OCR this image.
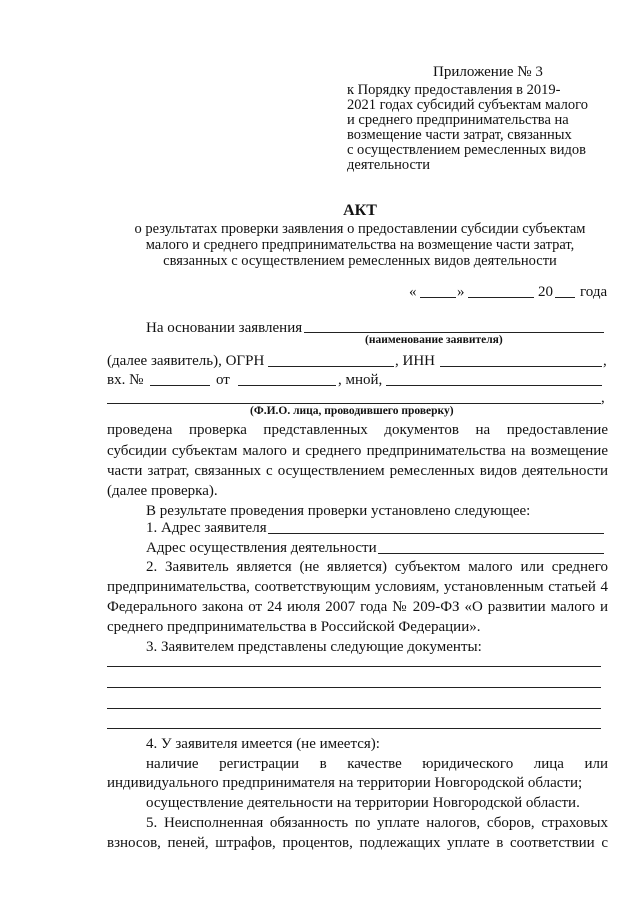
Приложение № 3
к Порядку предоставления в 2019-
2021 годах субсидий субъектам малого
и среднего предпринимательства на
возмещение части затрат, связанных
с осуществлением ремесленных видов
деятельности
АКТ
о результатах проверки заявления о предоставлении субсидии субъектам
малого и среднего предпринимательства на возмещение части затрат,
связанных с осуществлением ремесленных видов деятельности
«	»	20 года
На основании заявления
(наименование заявителя)
(далее заявитель), ОГРН	, ИНН	,
вх. №	от	, мной,
,
(Ф.И.О. лица, проводившего проверку)
проведена проверка представленных документов на предоставление
субсидии субъектам малого и среднего предпринимательства на возмещение
части затрат, связанных с осуществлением ремесленных видов деятельности
(далее проверка).
В результате проведения проверки установлено следующее:
1. Адрес заявителя
Адрес осуществления деятельности
2. Заявитель является (не является) субъектом малого или среднего
предпринимательства, соответствующим условиям, установленным статьей 4
Федерального закона от 24 июля 2007 года № 209-ФЗ «О развитии малого и
среднего предпринимательства в Российской Федерации».
3. Заявителем представлены следующие документы:
4. У заявителя имеется (не имеется):
наличие регистрации в качестве юридического лица или
индивидуального предпринимателя на территории Новгородской области;
осуществление деятельности на территории Новгородской области.
5. Неисполненная обязанность по уплате налогов, сборов, страховых
взносов, пеней, штрафов, процентов, подлежащих уплате в соответствии с
